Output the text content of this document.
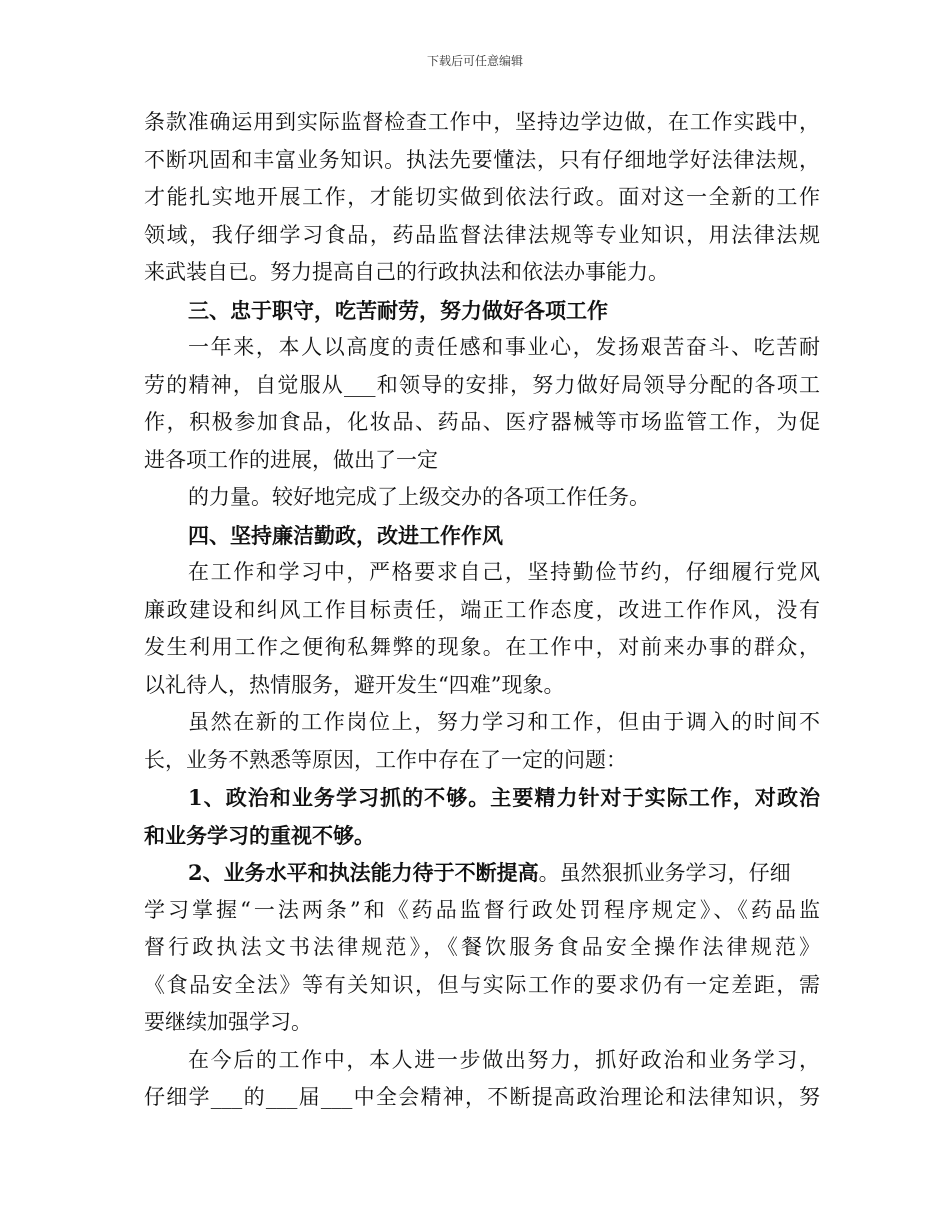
下载后可任意编辑
条款准确运用到实际监督检查工作中，坚持边学边做，在工作实践中，
不断巩固和丰富业务知识。执法先要懂法，只有仔细地学好法律法规，
才能扎实地开展工作，才能切实做到依法行政。面对这一全新的工作
领域，我仔细学习食品，药品监督法律法规等专业知识，用法律法规
来武装自已。努力提高自己的行政执法和依法办事能力。
三、忠于职守，吃苦耐劳，努力做好各项工作
一年来，本人以高度的责任感和事业心，发扬艰苦奋斗、吃苦耐
劳的精神，自觉服从___和领导的安排，努力做好局领导分配的各项工
作，积极参加食品，化妆品、药品、医疗器械等市场监管工作，为促
进各项工作的进展，做出了一定
的力量。较好地完成了上级交办的各项工作任务。
四、坚持廉洁勤政，改进工作作风
在工作和学习中，严格要求自己，坚持勤俭节约，仔细履行党风
廉政建设和纠风工作目标责任，端正工作态度，改进工作作风，没有
发生利用工作之便徇私舞弊的现象。在工作中，对前来办事的群众，
以礼待人，热情服务，避开发生“四难”现象。
虽然在新的工作岗位上，努力学习和工作，但由于调入的时间不
长，业务不熟悉等原因，工作中存在了一定的问题：
1、政治和业务学习抓的不够。主要精力针对于实际工作，对政治
和业务学习的重视不够。
2、业务水平和执法能力待于不断提高。虽然狠抓业务学习，仔细
学习掌握“一法两条”和《药品监督行政处罚程序规定》、《药品监
督行政执法文书法律规范》，《餐饮服务食品安全操作法律规范》
《食品安全法》等有关知识，但与实际工作的要求仍有一定差距，需
要继续加强学习。
在今后的工作中，本人进一步做出努力，抓好政治和业务学习，
仔细学___的___届___中全会精神，不断提高政治理论和法律知识，努
